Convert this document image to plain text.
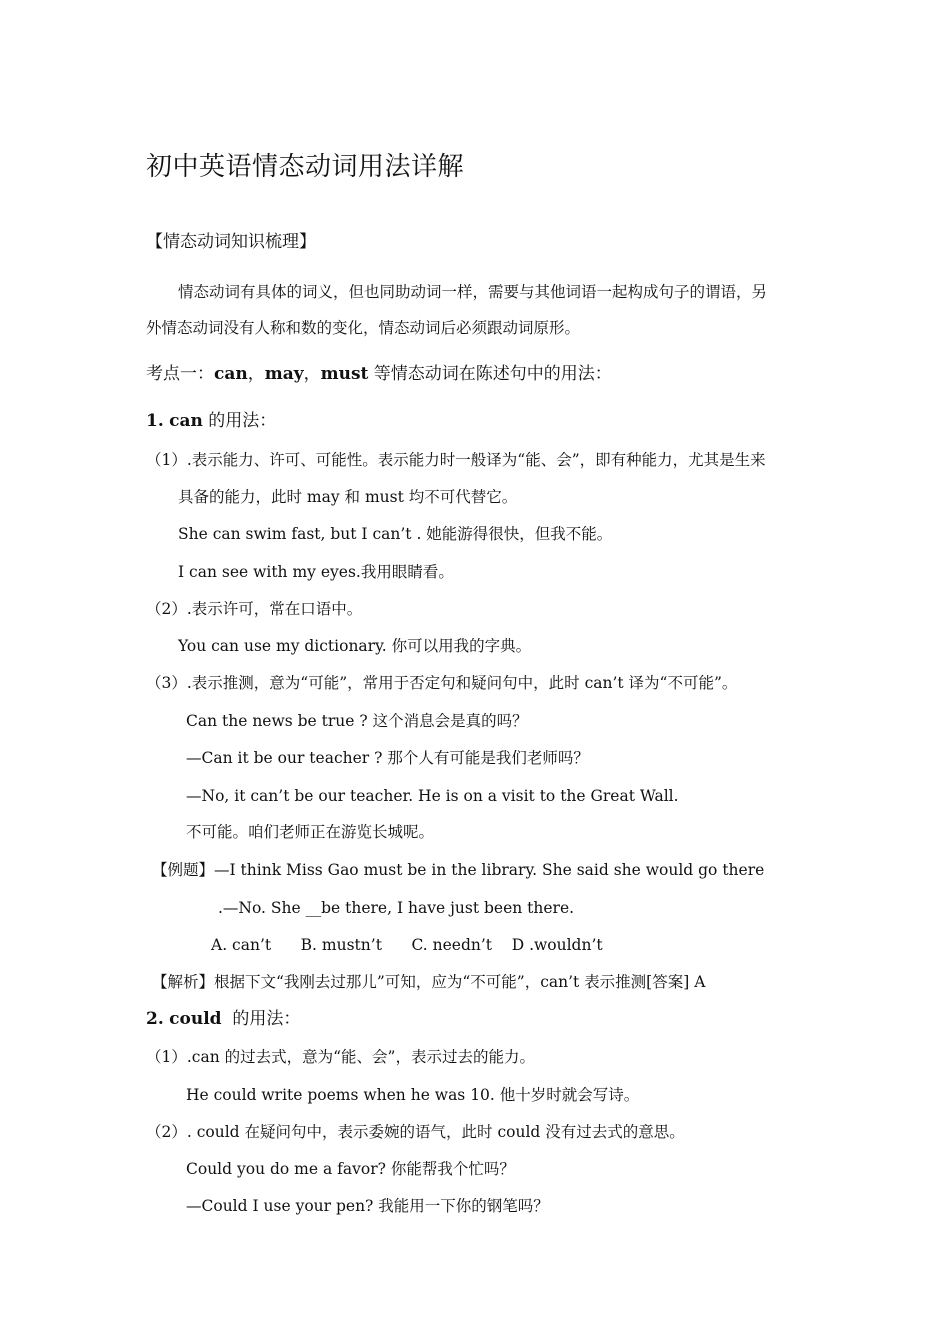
初中英语情态动词用法详解
【情态动词知识梳理】
情态动词有具体的词义，但也同助动词一样，需要与其他词语一起构成句子的谓语，另
外情态动词没有人称和数的变化，情态动词后必须跟动词原形。
考点一：can，may，must 等情态动词在陈述句中的用法：
1. can 的用法：
（1）.表示能力、许可、可能性。表示能力时一般译为“能、会”，即有种能力，尤其是生来
具备的能力，此时 may 和 must 均不可代替它。
She can swim fast, but I can’t . 她能游得很快，但我不能。
I can see with my eyes.我用眼睛看。
（2）.表示许可，常在口语中。
You can use my dictionary. 你可以用我的字典。
（3）.表示推测，意为“可能”，常用于否定句和疑问句中，此时 can’t 译为“不可能”。
Can the news be true ? 这个消息会是真的吗？
—Can it be our teacher ? 那个人有可能是我们老师吗？
—No, it can’t be our teacher. He is on a visit to the Great Wall.
不可能。咱们老师正在游览长城呢。
【例题】—I think Miss Gao must be in the library. She said she would go there
.—No. She __be there, I have just been there.
A. can’t      B. mustn’t      C. needn’t    D .wouldn’t
【解析】根据下文“我刚去过那儿”可知，应为“不可能”，can’t 表示推测[答案] A
2. could  的用法：
（1）.can 的过去式，意为“能、会”，表示过去的能力。
He could write poems when he was 10. 他十岁时就会写诗。
（2）. could 在疑问句中，表示委婉的语气，此时 could 没有过去式的意思。
Could you do me a favor? 你能帮我个忙吗？
—Could I use your pen? 我能用一下你的钢笔吗？
